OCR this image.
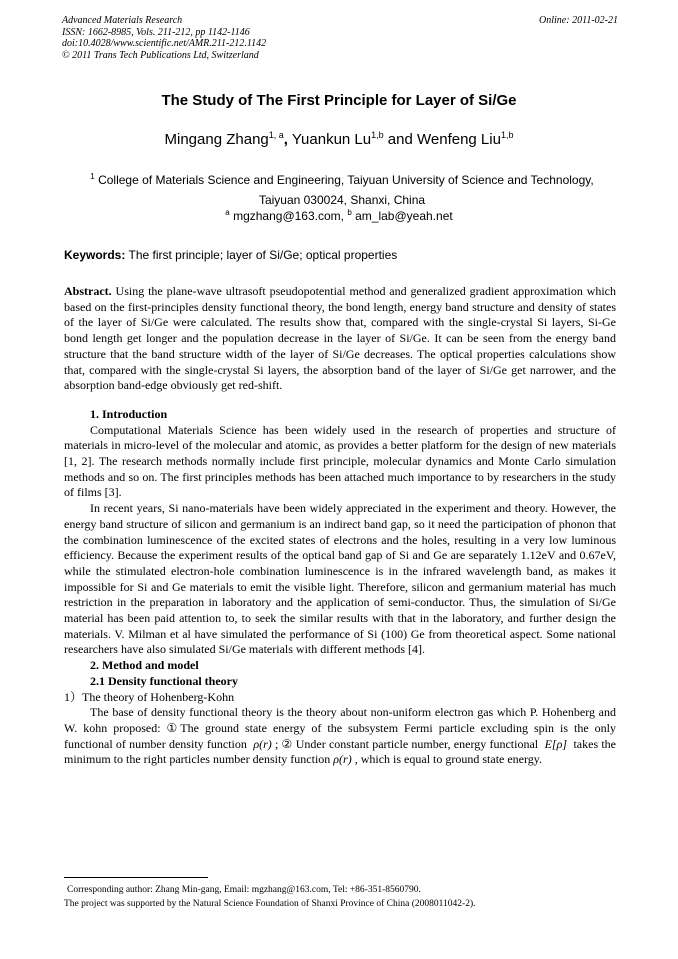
Advanced Materials Research
ISSN: 1662-8985, Vols. 211-212, pp 1142-1146
doi:10.4028/www.scientific.net/AMR.211-212.1142
© 2011 Trans Tech Publications Ltd, Switzerland
Online: 2011-02-21
The Study of The First Principle for Layer of Si/Ge
Mingang Zhang$^{1, a}$, Yuankun Lu$^{1,b}$ and Wenfeng Liu$^{1,b}$
$^1$ College of Materials Science and Engineering, Taiyuan University of Science and Technology, Taiyuan 030024, Shanxi, China
$^a$ mgzhang@163.com, $^b$ am_lab@yeah.net
Keywords: The first principle; layer of Si/Ge; optical properties

Abstract. Using the plane-wave ultrasoft pseudopotential method and generalized gradient approximation which based on the first-principles density functional theory, the bond length, energy band structure and density of states of the layer of Si/Ge were calculated. The results show that, compared with the single-crystal Si layers, Si-Ge bond length get longer and the population decrease in the layer of Si/Ge. It can be seen from the energy band structure that the band structure width of the layer of Si/Ge decreases. The optical properties calculations show that, compared with the single-crystal Si layers, the absorption band of the layer of Si/Ge get narrower, and the absorption band-edge obviously get red-shift.

1. Introduction

Computational Materials Science has been widely used in the research of properties and structure of materials in micro-level of the molecular and atomic, as provides a better platform for the design of new materials [1, 2]. The research methods normally include first principle, molecular dynamics and Monte Carlo simulation methods and so on. The first principles methods has been attached much importance to by researchers in the study of films [3].

In recent years, Si nano-materials have been widely appreciated in the experiment and theory. However, the energy band structure of silicon and germanium is an indirect band gap, so it need the participation of phonon that the combination luminescence of the excited states of electrons and the holes, resulting in a very low luminous efficiency. Because the experiment results of the optical band gap of Si and Ge are separately 1.12eV and 0.67eV, while the stimulated electron-hole combination luminescence is in the infrared wavelength band, as makes it impossible for Si and Ge materials to emit the visible light. Therefore, silicon and germanium material has much restriction in the preparation in laboratory and the application of semi-conductor. Thus, the simulation of Si/Ge material has been paid attention to, to seek the similar results with that in the laboratory, and further design the materials. V. Milman et al have simulated the performance of Si (100) Ge from theoretical aspect. Some national researchers have also simulated Si/Ge materials with different methods [4].

2. Method and model

2.1 Density functional theory

1）The theory of Hohenberg-Kohn

The base of density functional theory is the theory about non-uniform electron gas which P. Hohenberg and W. kohn proposed: ①The ground state energy of the subsystem Fermi particle excluding spin is the only functional of number density function ρ(r) ; ② Under constant particle number, energy functional E[ρ] takes the minimum to the right particles number density function ρ(r) , which is equal to ground state energy.

Corresponding author: Zhang Min-gang, Email: mgzhang@163.com, Tel: +86-351-8560790.
The project was supported by the Natural Science Foundation of Shanxi Province of China (2008011042-2).
